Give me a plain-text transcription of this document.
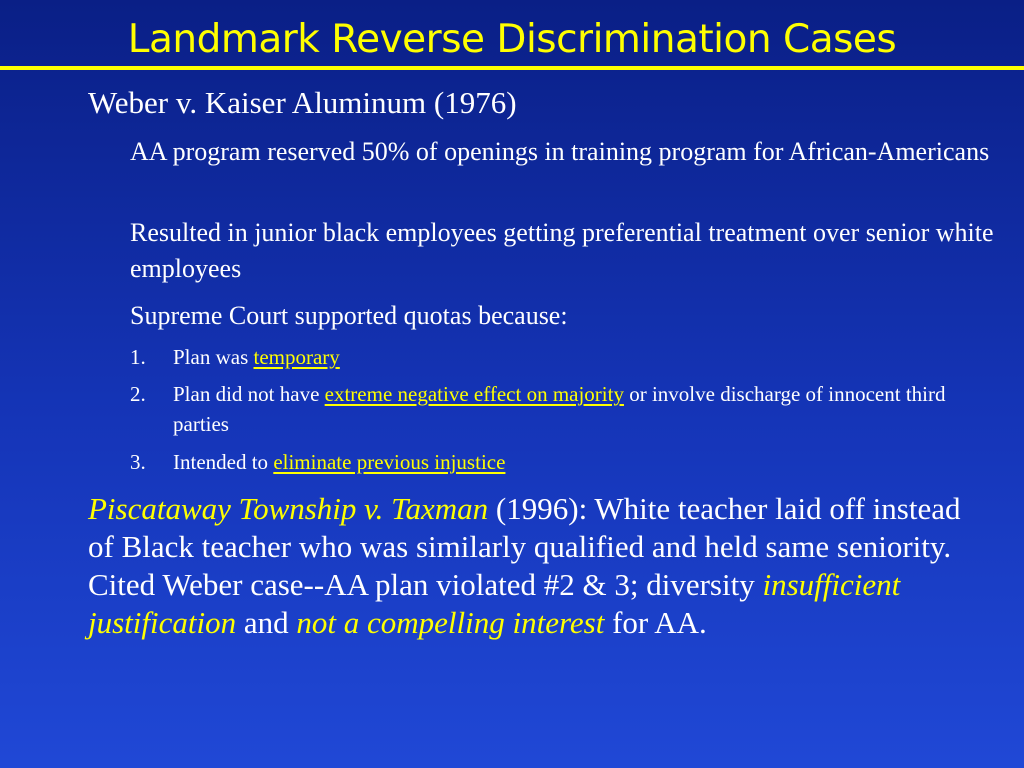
Landmark Reverse Discrimination Cases
Weber v. Kaiser Aluminum (1976)
AA program reserved 50% of openings in training program for African-Americans
Resulted in junior black employees getting preferential treatment over senior white employees
Supreme Court supported quotas because:
1. Plan was temporary
2. Plan did not have extreme negative effect on majority or involve discharge of innocent third parties
3. Intended to eliminate previous injustice
Piscataway Township v. Taxman (1996): White teacher laid off instead of Black teacher who was similarly qualified and held same seniority. Cited Weber case--AA plan violated #2 & 3; diversity insufficient justification and not a compelling interest for AA.
